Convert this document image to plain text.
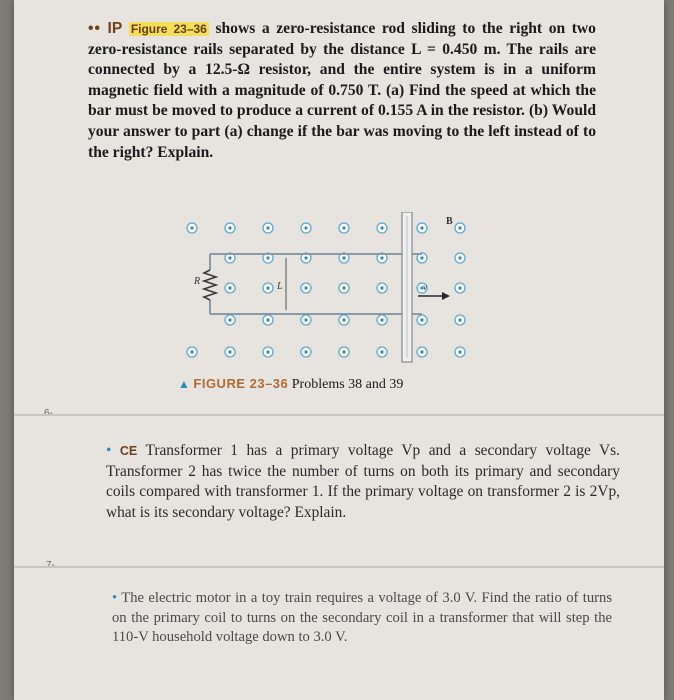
•• IP Figure 23–36 shows a zero-resistance rod sliding to the right on two zero-resistance rails separated by the distance L = 0.450 m. The rails are connected by a 12.5-Ω resistor, and the entire system is in a uniform magnetic field with a magnitude of 0.750 T. (a) Find the speed at which the bar must be moved to produce a current of 0.155 A in the resistor. (b) Would your answer to part (a) change if the bar was moving to the left instead of to the right? Explain.
B
R	L	v
▲ FIGURE 23–36 Problems 38 and 39
• CE Transformer 1 has a primary voltage Vp and a secondary voltage Vs. Transformer 2 has twice the number of turns on both its primary and secondary coils compared with transformer 1. If the primary voltage on transformer 2 is 2Vp, what is its secondary voltage? Explain.
• The electric motor in a toy train requires a voltage of 3.0 V. Find the ratio of turns on the primary coil to turns on the secondary coil in a transformer that will step the 110-V household voltage down to 3.0 V.
